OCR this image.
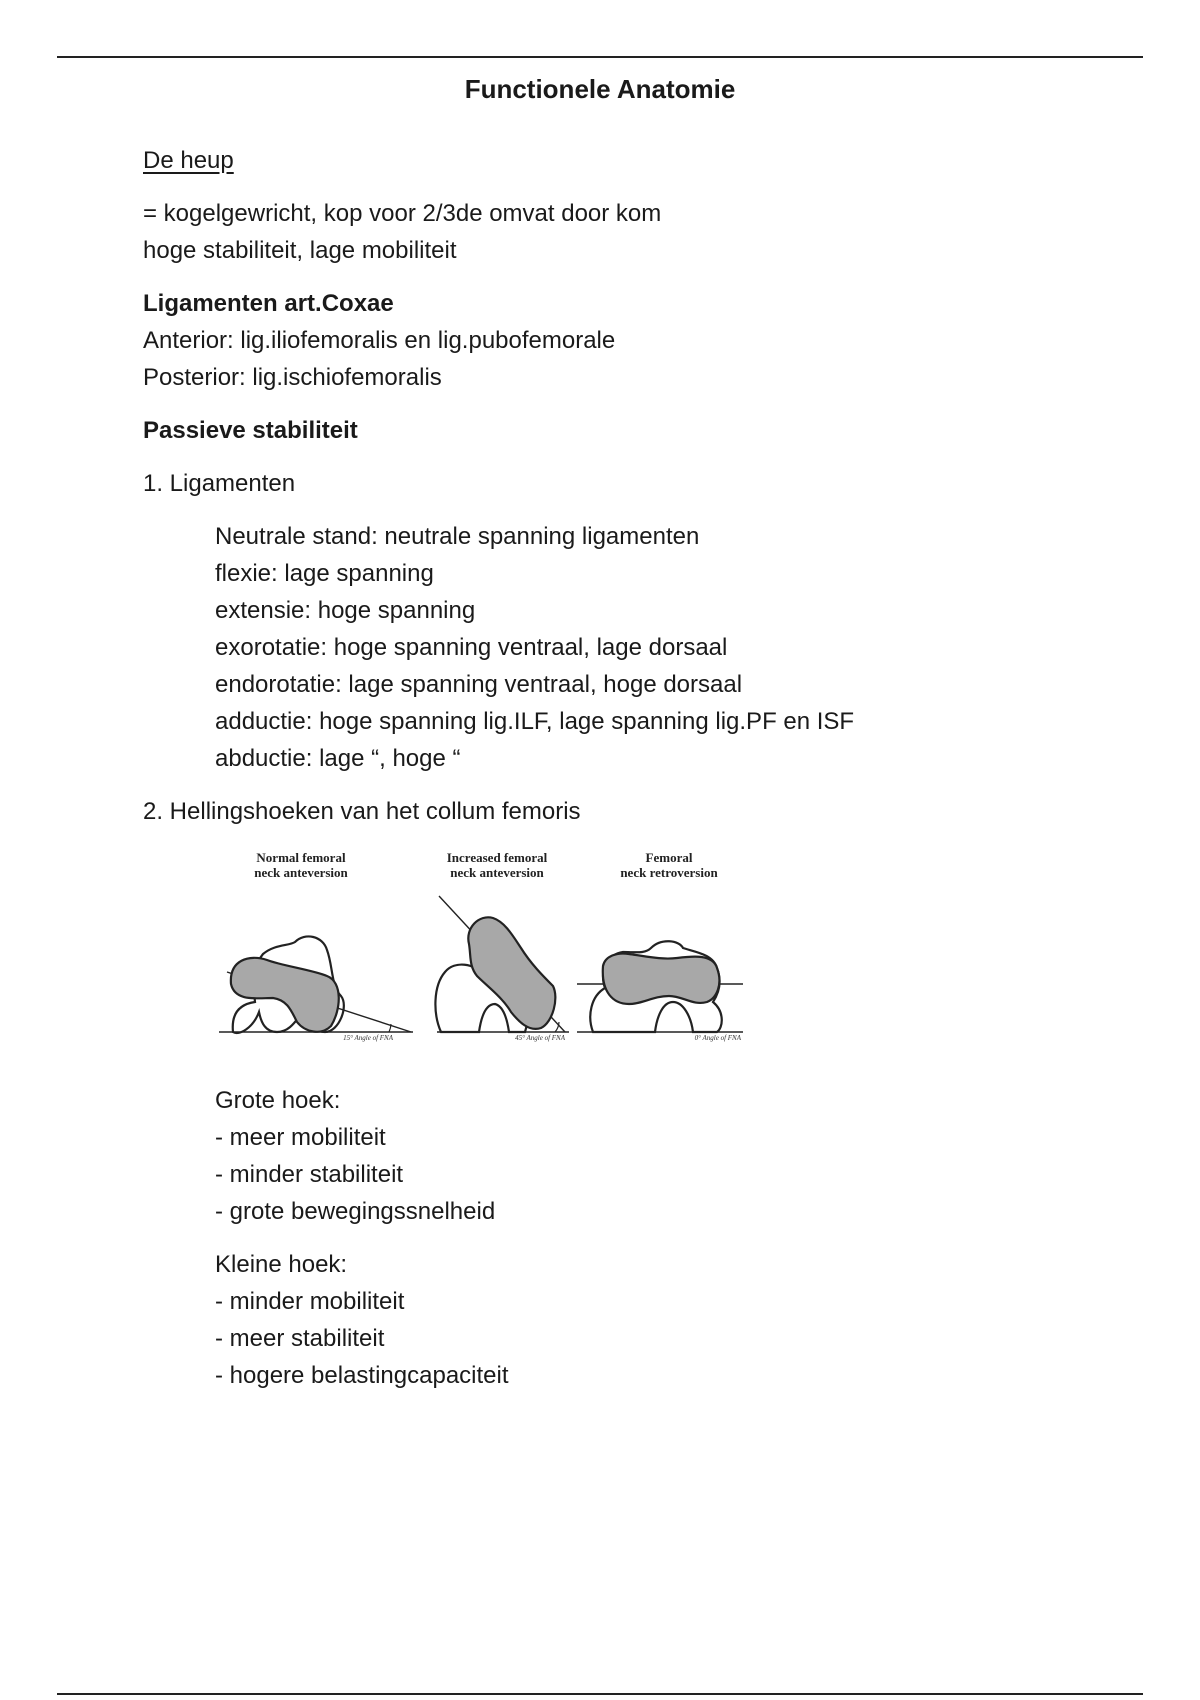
Functionele Anatomie
De heup
= kogelgewricht, kop voor 2/3de omvat door kom
hoge stabiliteit, lage mobiliteit
Ligamenten art.Coxae
Anterior: lig.iliofemoralis en lig.pubofemorale
Posterior: lig.ischiofemoralis
Passieve stabiliteit
1. Ligamenten
Neutrale stand: neutrale spanning ligamenten
flexie: lage spanning
extensie: hoge spanning
exorotatie: hoge spanning ventraal, lage dorsaal
endorotatie: lage spanning ventraal, hoge dorsaal
adductie: hoge spanning lig.ILF, lage spanning lig.PF en ISF
abductie: lage “, hoge “
2. Hellingshoeken van het collum femoris
Normal femoral
neck anteversion
Increased femoral
neck anteversion
Femoral
neck retroversion
15° Angle of FNA	45° Angle of FNA	0° Angle of FNA
Grote hoek:
- meer mobiliteit
- minder stabiliteit
- grote bewegingssnelheid
Kleine hoek:
- minder mobiliteit
- meer stabiliteit
- hogere belastingcapaciteit
